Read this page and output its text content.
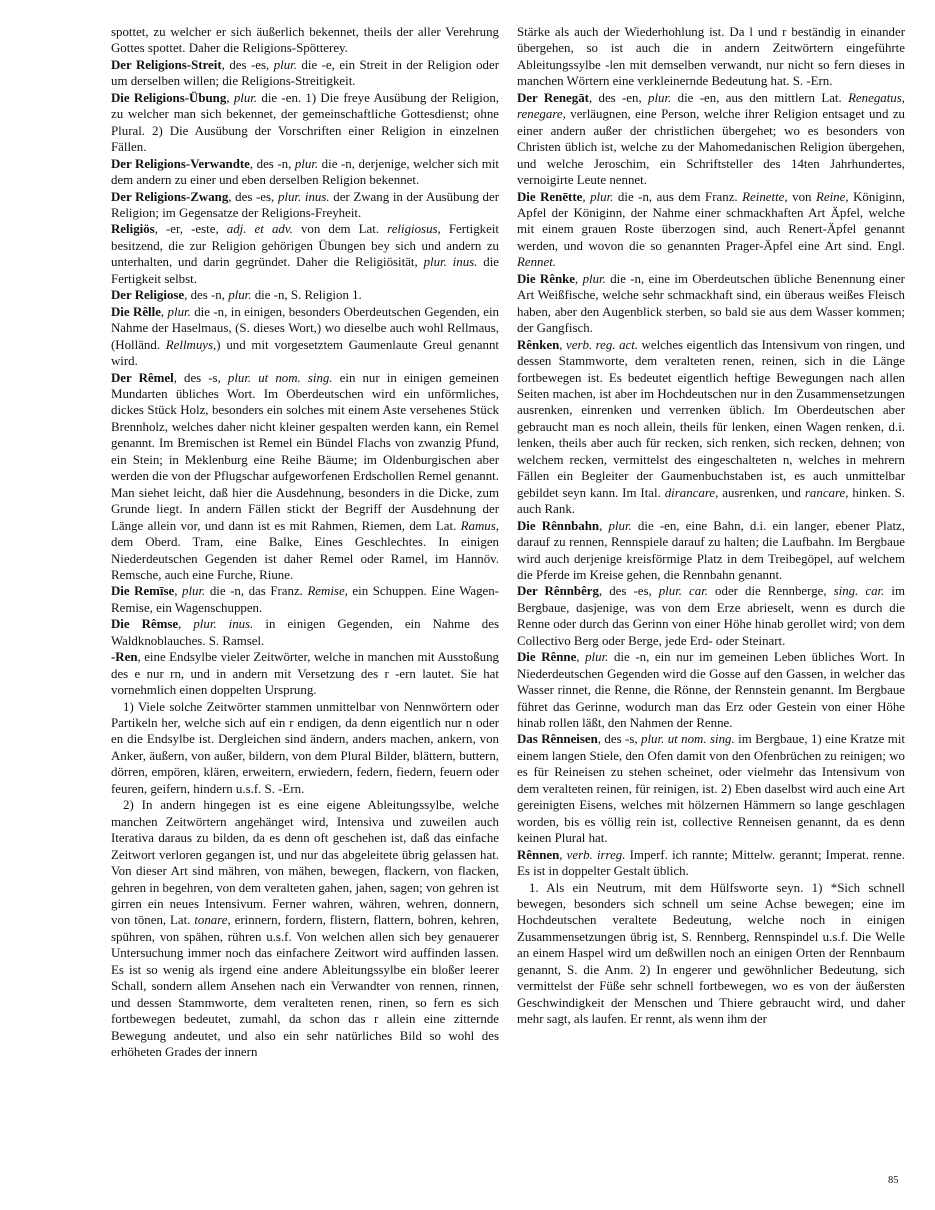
spottet, zu welcher er sich äußerlich bekennet, theils der aller Verehrung Gottes spottet. Daher die Religions-Spötterey.

Der Religions-Streit, des -es, plur. die -e, ein Streit in der Religion oder um derselben willen; die Religions-Streitigkeit.

Die Religions-Übung, plur. die -en. 1) Die freye Ausübung der Religion, zu welcher man sich bekennet, der gemeinschaftliche Gottesdienst; ohne Plural. 2) Die Ausübung der Vorschriften einer Religion in einzelnen Fällen.

Der Religions-Verwandte, des -n, plur. die -n, derjenige, welcher sich mit dem andern zu einer und eben derselben Religion bekennet.

Der Religions-Zwang, des -es, plur. inus. der Zwang in der Ausübung der Religion; im Gegensatze der Religions-Freyheit.

Religiös, -er, -este, adj. et adv. von dem Lat. religiosus, Fertigkeit besitzend, die zur Religion gehörigen Übungen bey sich und andern zu unterhalten, und darin gegründet. Daher die Religiösität, plur. inus. die Fertigkeit selbst.

Der Religiose, des -n, plur. die -n, S. Religion 1.

Die Rêlle, plur. die -n, in einigen, besonders Oberdeutschen Gegenden, ein Nahme der Haselmaus, (S. dieses Wort,) wo dieselbe auch wohl Rellmaus, (Holländ. Rellmuys,) und mit vorgesetztem Gaumenlaute Greul genannt wird.

Der Rêmel, des -s, plur. ut nom. sing. ein nur in einigen gemeinen Mundarten übliches Wort. Im Oberdeutschen wird ein unförmliches, dickes Stück Holz, besonders ein solches mit einem Aste versehenes Stück Brennholz, welches daher nicht kleiner gespalten werden kann, ein Remel genannt. Im Bremischen ist Remel ein Bündel Flachs von zwanzig Pfund, ein Stein; in Meklenburg eine Reihe Bäume; im Oldenburgischen aber werden die von der Pflugschar aufgeworfenen Erdschollen Remel genannt. Man siehet leicht, daß hier die Ausdehnung, besonders in die Dicke, zum Grunde liegt. In andern Fällen stickt der Begriff der Ausdehnung der Länge allein vor, und dann ist es mit Rahmen, Riemen, dem Lat. Ramus, dem Oberd. Tram, eine Balke, Eines Geschlechtes. In einigen Niederdeutschen Gegenden ist daher Remel oder Ramel, im Hannöv. Remsche, auch eine Furche, Riune.

Die Remīse, plur. die -n, das Franz. Remise, ein Schuppen. Eine Wagen-Remise, ein Wagenschuppen.

Die Rêmse, plur. inus. in einigen Gegenden, ein Nahme des Waldknoblauches. S. Ramsel.

-Ren, eine Endsylbe vieler Zeitwörter, welche in manchen mit Ausstoßung des e nur rn, und in andern mit Versetzung des r -ern lautet. Sie hat vornehmlich einen doppelten Ursprung.

1) Viele solche Zeitwörter stammen unmittelbar von Nennwörtern oder Partikeln her, welche sich auf ein r endigen, da denn eigentlich nur n oder en die Endsylbe ist. Dergleichen sind ändern, anders machen, ankern, von Anker, äußern, von außer, bildern, von dem Plural Bilder, blättern, buttern, dörren, empören, klären, erweitern, erwiedern, federn, fiedern, feuern oder feuren, geifern, hindern u.s.f. S. -Ern.

2) In andern hingegen ist es eine eigene Ableitungssylbe, welche manchen Zeitwörtern angehänget wird, Intensiva und zuweilen auch Iterativa daraus zu bilden, da es denn oft geschehen ist, daß das einfache Zeitwort verloren gegangen ist, und nur das abgeleitete übrig gelassen hat. Von dieser Art sind mähren, von mähen, bewegen, flackern, von flacken, gehren in begehren, von dem veralteten gahen, jahen, sagen; von gehren ist girren ein neues Intensivum. Ferner wahren, währen, wehren, donnern, von tönen, Lat. tonare, erinnern, fordern, flistern, flattern, bohren, kehren, spühren, von spähen, rühren u.s.f. Von welchen allen sich bey genauerer Untersuchung immer noch das einfachere Zeitwort wird auffinden lassen. Es ist so wenig als irgend eine andere Ableitungssylbe ein bloßer leerer Schall, sondern allem Ansehen nach ein Verwandter von rennen, rinnen, und dessen Stammworte, dem veralteten renen, rinen, so fern es sich fortbewegen bedeutet, zumahl, da schon das r allein eine zitternde Bewegung andeutet, und also ein sehr natürliches Bild so wohl des erhöheten Grades der innern

Stärke als auch der Wiederhohlung ist. Da l und r beständig in einander übergehen, so ist auch die in andern Zeitwörtern eingeführte Ableitungssylbe -len mit demselben verwandt, nur nicht so fern dieses in manchen Wörtern eine verkleinernde Bedeutung hat. S. -Ern.

Der Renegāt, des -en, plur. die -en, aus den mittlern Lat. Renegatus, renegare, verläugnen, eine Person, welche ihrer Religion entsaget und zu einer andern außer der christlichen übergehet; wo es besonders von Christen üblich ist, welche zu der Mahomedanischen Religion übergehen, und welche Jeroschim, ein Schriftsteller des 14ten Jahrhundertes, vernoigirte Leute nennet.

Die Renētte, plur. die -n, aus dem Franz. Reinette, von Reine, Königinn, Apfel der Königinn, der Nahme einer schmackhaften Art Äpfel, welche mit einem grauen Roste überzogen sind, auch Renert-Äpfel genannt werden, und wovon die so genannten Prager-Äpfel eine Art sind. Engl. Rennet.

Die Rênke, plur. die -n, eine im Oberdeutschen übliche Benennung einer Art Weißfische, welche sehr schmackhaft sind, ein überaus weißes Fleisch haben, aber den Augenblick sterben, so bald sie aus dem Wasser kommen; der Gangfisch.

Rênken, verb. reg. act. welches eigentlich das Intensivum von ringen, und dessen Stammworte, dem veralteten renen, reinen, sich in die Länge fortbewegen ist. Es bedeutet eigentlich heftige Bewegungen nach allen Seiten machen, ist aber im Hochdeutschen nur in den Zusammensetzungen ausrenken, einrenken und verrenken üblich. Im Oberdeutschen aber gebraucht man es noch allein, theils für lenken, einen Wagen renken, d.i. lenken, theils aber auch für recken, sich renken, sich recken, dehnen; von welchem recken, vermittelst des eingeschalteten n, welches in mehrern Fällen ein Begleiter der Gaumenbuchstaben ist, es auch unmittelbar gebildet seyn kann. Im Ital. dirancare, ausrenken, und rancare, hinken. S. auch Rank.

Die Rênnbahn, plur. die -en, eine Bahn, d.i. ein langer, ebener Platz, darauf zu rennen, Rennspiele darauf zu halten; die Laufbahn. Im Bergbaue wird auch derjenige kreisförmige Platz in dem Treibegöpel, auf welchem die Pferde im Kreise gehen, die Rennbahn genannt.

Der Rênnbêrg, des -es, plur. car. oder die Rennberge, sing. car. im Bergbaue, dasjenige, was von dem Erze abrieselt, wenn es durch die Renne oder durch das Gerinn von einer Höhe hinab gerollet wird; von dem Collectivo Berg oder Berge, jede Erd- oder Steinart.

Die Rênne, plur. die -n, ein nur im gemeinen Leben übliches Wort. In Niederdeutschen Gegenden wird die Gosse auf den Gassen, in welcher das Wasser rinnet, die Renne, die Rönne, der Rennstein genannt. Im Bergbaue führet das Gerinne, wodurch man das Erz oder Gestein von einer Höhe hinab rollen läßt, den Nahmen der Renne.

Das Rênneisen, des -s, plur. ut nom. sing. im Bergbaue, 1) eine Kratze mit einem langen Stiele, den Ofen damit von den Ofenbrüchen zu reinigen; wo es für Reineisen zu stehen scheinet, oder vielmehr das Intensivum von dem veralteten reinen, für reinigen, ist. 2) Eben daselbst wird auch eine Art gereinigten Eisens, welches mit hölzernen Hämmern so lange geschlagen worden, bis es völlig rein ist, collective Renneisen genannt, da es denn keinen Plural hat.

Rênnen, verb. irreg. Imperf. ich rannte; Mittelw. gerannt; Imperat. renne. Es ist in doppelter Gestalt üblich.

1. Als ein Neutrum, mit dem Hülfsworte seyn. 1) *Sich schnell bewegen, besonders sich schnell um seine Achse bewegen; eine im Hochdeutschen veraltete Bedeutung, welche noch in einigen Zusammensetzungen übrig ist, S. Rennberg, Rennspindel u.s.f. Die Welle an einem Haspel wird um deßwillen noch an einigen Orten der Rennbaum genannt, S. die Anm. 2) In engerer und gewöhnlicher Bedeutung, sich vermittelst der Füße sehr schnell fortbewegen, wo es von der äußersten Geschwindigkeit der Menschen und Thiere gebraucht wird, und daher mehr sagt, als laufen. Er rennt, als wenn ihm der

85
